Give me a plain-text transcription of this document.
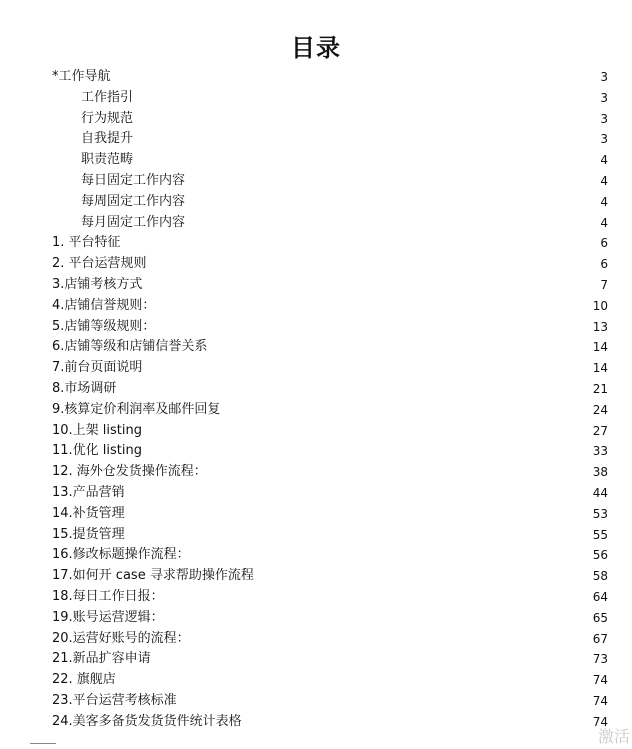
目录
*工作导航	3
工作指引	3
行为规范	3
自我提升	3
职责范畴	4
每日固定工作内容	4
每周固定工作内容	4
每月固定工作内容	4
1. 平台特征	6
2. 平台运营规则	6
3.店铺考核方式	7
4.店铺信誉规则：	10
5.店铺等级规则：	13
6.店铺等级和店铺信誉关系	14
7.前台页面说明	14
8.市场调研	21
9.核算定价利润率及邮件回复	24
10.上架 listing	27
11.优化 listing	33
12. 海外仓发货操作流程：	38
13.产品营销	44
14.补货管理	53
15.提货管理	55
16.修改标题操作流程：	56
17.如何开 case 寻求帮助操作流程	58
18.每日工作日报：	64
19.账号运营逻辑：	65
20.运营好账号的流程：	67
21.新品扩容申请	73
22. 旗舰店	74
23.平台运营考核标准	74
24.美客多备货发货货件统计表格	74
激活
